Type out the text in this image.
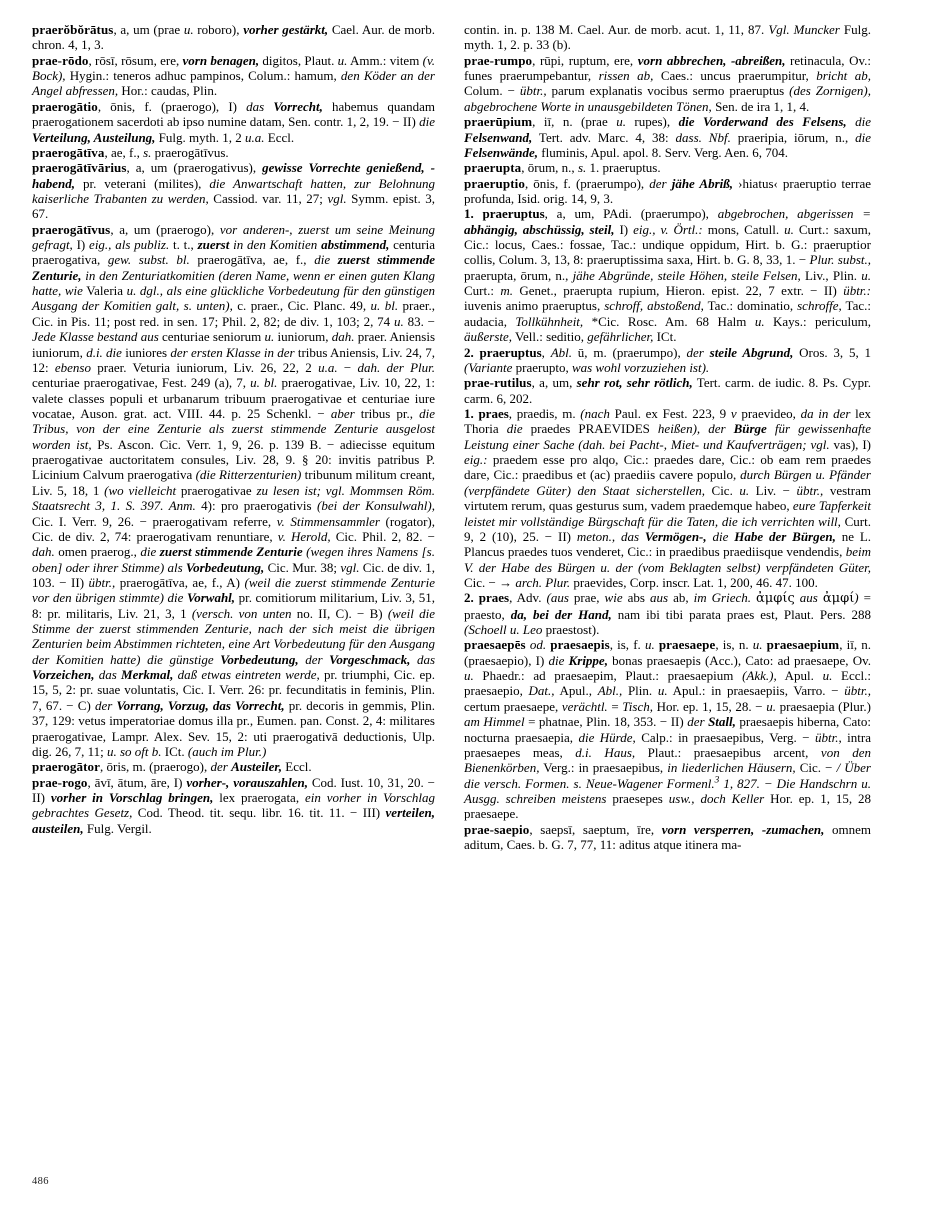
praerŏbŏrātus, a, um (prae u. roboro), vorher gestärkt, Cael. Aur. de morb. chron. 4, 1, 3.

prae-rōdo, rōsī, rōsum, ere, vorn benagen, digitos, Plaut. u. Amm.: vitem (v. Bock), Hygin.: teneros adhuc pampinos, Colum.: hamum, den Köder an der Angel abfressen, Hor.: caudas, Plin.

praerogātio, ōnis, f. (praerogo), I) das Vorrecht, habemus quandam praerogationem sacerdoti ab ipso numine datam, Sen. contr. 1, 2, 19. − II) die Verteilung, Austeilung, Fulg. myth. 1, 2 u.a. Eccl.

praerogātīva, ae, f., s. praerogātīvus.

praerogātīvārius, a, um (praerogativus), gewisse Vorrechte genießend, -habend, pr. veterani (milites), die Anwartschaft hatten, zur Belohnung kaiserliche Trabanten zu werden, Cassiod. var. 11, 27; vgl. Symm. epist. 3, 67.

praerogātīvus, a, um (praerogo), vor anderen-, zuerst um seine Meinung gefragt, I) eig., als publiz. t. t., zuerst in den Komitien abstimmend, centuria praerogativa, gew. subst. bl. praerogātīva, ae, f., die zuerst stimmende Zenturie, in den Zenturiatkomitien (deren Name, wenn er einen guten Klang hatte, wie Valeria u. dgl., als eine glückliche Vorbedeutung für den günstigen Ausgang der Komitien galt, s. unten), c. praer., Cic. Planc. 49, u. bl. praer., Cic. in Pis. 11; post red. in sen. 17; Phil. 2, 82; de div. 1, 103; 2, 74 u. 83. − Jede Klasse bestand aus centuriae seniorum u. iuniorum, dah. praer. Aniensis iuniorum, d.i. die iuniores der ersten Klasse in der tribus Aniensis, Liv. 24, 7, 12: ebenso praer. Veturia iuniorum, Liv. 26, 22, 2 u.a. − dah. der Plur. centuriae praerogativae, Fest. 249 (a), 7, u. bl. praerogativae, Liv. 10, 22, 1: valete classes populi et urbanarum tribuum praerogativae et centuriae iure vocatae, Auson. grat. act. VIII. 44. p. 25 Schenkl. − aber tribus pr., die Tribus, von der eine Zenturie als zuerst stimmende Zenturie ausgelost worden ist, Ps. Ascon. Cic. Verr. 1, 9, 26. p. 139 B. − adiecisse equitum praerogativae auctoritatem consules, Liv. 28, 9. § 20: invitis patribus P. Licinium Calvum praerogativa (die Ritterzenturien) tribunum militum creant, Liv. 5, 18, 1 (wo vielleicht praerogativae zu lesen ist; vgl. Mommsen Röm. Staatsrecht 3, 1. S. 397. Anm. 4): pro praerogativis (bei der Konsulwahl), Cic. I. Verr. 9, 26. − praerogativam referre, v. Stimmensammler (rogator), Cic. de div. 2, 74: praerogativam renuntiare, v. Herold, Cic. Phil. 2, 82. − dah. omen praerog., die zuerst stimmende Zenturie (wegen ihres Namens [s. oben] oder ihrer Stimme) als Vorbedeutung, Cic. Mur. 38; vgl. Cic. de div. 1, 103. − II) übtr., praerogātīva, ae, f., A) (weil die zuerst stimmende Zenturie vor den übrigen stimmte) die Vorwahl, pr. comitiorum militarium, Liv. 3, 51, 8: pr. militaris, Liv. 21, 3, 1 (versch. von unten no. II, C). − B) (weil die Stimme der zuerst stimmenden Zenturie, nach der sich meist die übrigen Zenturien beim Abstimmen richteten, eine Art Vorbedeutung für den Ausgang der Komitien hatte) die günstige Vorbedeutung, der Vorgeschmack, das Vorzeichen, das Merkmal, daß etwas eintreten werde, pr. triumphi, Cic. ep. 15, 5, 2: pr. suae voluntatis, Cic. I. Verr. 26: pr. fecunditatis in feminis, Plin. 7, 67. − C) der Vorrang, Vorzug, das Vorrecht, pr. decoris in gemmis, Plin. 37, 129: vetus imperatoriae domus illa pr., Eumen. pan. Const. 2, 4: militares praerogativae, Lampr. Alex. Sev. 15, 2: uti praerogativā deductionis, Ulp. dig. 26, 7, 11; u. so oft b. ICt. (auch im Plur.)

praerogātor, ōris, m. (praerogo), der Austeiler, Eccl.

prae-rogo, āvī, ātum, āre, I) vorher-, vorauszahlen, Cod. Iust. 10, 31, 20. − II) vorher in Vorschlag bringen, lex praerogata, ein vorher in Vorschlag gebrachtes Gesetz, Cod. Theod. tit. sequ. libr. 16. tit. 11. − III) verteilen, austeilen, Fulg. Vergil.

contin. in. p. 138 M. Cael. Aur. de morb. acut. 1, 11, 87. Vgl. Muncker Fulg. myth. 1, 2. p. 33 (b).

prae-rumpo, rūpi, ruptum, ere, vorn abbrechen, -abreißen, retinacula, Ov.: funes praerumpebantur, rissen ab, Caes.: uncus praerumpitur, bricht ab, Colum. − übtr., parum explanatis vocibus sermo praeruptus (des Zornigen), abgebrochene Worte in unausgebildeten Tönen, Sen. de ira 1, 1, 4.

praerūpium, iī, n. (prae u. rupes), die Vorderwand des Felsens, die Felsenwand, Tert. adv. Marc. 4, 38: dass. Nbf. praeripia, iōrum, n., die Felsenwände, fluminis, Apul. apol. 8. Serv. Verg. Aen. 6, 704.

praerupta, ōrum, n., s. 1. praeruptus.

praeruptio, ōnis, f. (praerumpo), der jähe Abriß, ›hiatus‹ praeruptio terrae profunda, Isid. orig. 14, 9, 3.

1. praeruptus, a, um, PAdi. (praerumpo), abgebrochen, abgerissen = abhängig, abschüssig, steil, I) eig., v. Örtl.: mons, Catull. u. Curt.: saxum, Cic.: locus, Caes.: fossae, Tac.: undique oppidum, Hirt. b. G.: praeruptior collis, Colum. 3, 13, 8: praeruptissima saxa, Hirt. b. G. 8, 33, 1. − Plur. subst., praerupta, ōrum, n., jähe Abgründe, steile Höhen, steile Felsen, Liv., Plin. u. Curt.: m. Genet., praerupta rupium, Hieron. epist. 22, 7 extr. − II) übtr.: iuvenis animo praeruptus, schroff, abstoßend, Tac.: dominatio, schroffe, Tac.: audacia, Tollkühnheit, *Cic. Rosc. Am. 68 Halm u. Kays.: periculum, äußerste, Vell.: seditio, gefährlicher, ICt.

2. praeruptus, Abl. ū, m. (praerumpo), der steile Abgrund, Oros. 3, 5, 1 (Variante praerupto, was wohl vorzuziehen ist).

prae-rutilus, a, um, sehr rot, sehr rötlich, Tert. carm. de iudic. 8. Ps. Cypr. carm. 6, 202.

1. praes, praedis, m. (nach Paul. ex Fest. 223, 9 v praevideo, da in der lex Thoria die praedes PRAEVIDES heißen), der Bürge für gewissenhafte Leistung einer Sache (dah. bei Pacht-, Miet- und Kaufverträgen; vgl. vas), I) eig.: praedem esse pro alqo, Cic.: praedes dare, Cic.: ob eam rem praedes dare, Cic.: praedibus et (ac) praediis cavere populo, durch Bürgen u. Pfänder (verpfändete Güter) den Staat sicherstellen, Cic. u. Liv. − übtr., vestram virtutem rerum, quas gesturus sum, vadem praedemque habeo, eure Tapferkeit leistet mir vollständige Bürgschaft für die Taten, die ich verrichten will, Curt. 9, 2 (10), 25. − II) meton., das Vermögen-, die Habe der Bürgen, ne L. Plancus praedes tuos venderet, Cic.: in praedibus praediisque vendendis, beim V. der Habe des Bürgen u. der (vom Beklagten selbst) verpfändeten Güter, Cic. − → arch. Plur. praevides, Corp. inscr. Lat. 1, 200, 46. 47. 100.

2. praes, Adv. (aus prae, wie abs aus ab, im Griech. ἀμφίς aus ἀμφί) = praesto, da, bei der Hand, nam ibi tibi parata praes est, Plaut. Pers. 288 (Schoell u. Leo praestost).

praesaepēs od. praesaepis, is, f. u. praesaepe, is, n. u. praesaepium, iī, n. (praesaepio), I) die Krippe, bonas praesaepis (Acc.), Cato: ad praesaepe, Ov. u. Phaedr.: ad praesaepim, Plaut.: praesaepium (Akk.), Apul. u. Eccl.: praesaepio, Dat., Apul., Abl., Plin. u. Apul.: in praesaepiis, Varro. − übtr., certum praesaepe, verächtl. = Tisch, Hor. ep. 1, 15, 28. − u. praesaepia (Plur.) am Himmel = phatnae, Plin. 18, 353. − II) der Stall, praesaepis hiberna, Cato: nocturna praesaepia, die Hürde, Calp.: in praesaepibus, Verg. − übtr., intra praesaepes meas, d.i. Haus, Plaut.: praesaepibus arcent, von den Bienenkörben, Verg.: in praesaepibus, in liederlichen Häusern, Cic. − / Über die versch. Formen. s. Neue-Wagener Formenl.$^3$ 1, 827. − Die Handschrn u. Ausgg. schreiben meistens praesepes usw., doch Keller Hor. ep. 1, 15, 28 praesaepe.

prae-saepio, saepsī, saeptum, īre, vorn versperren, -zumachen, omnem aditum, Caes. b. G. 7, 77, 11: aditus atque itinera ma-

486
